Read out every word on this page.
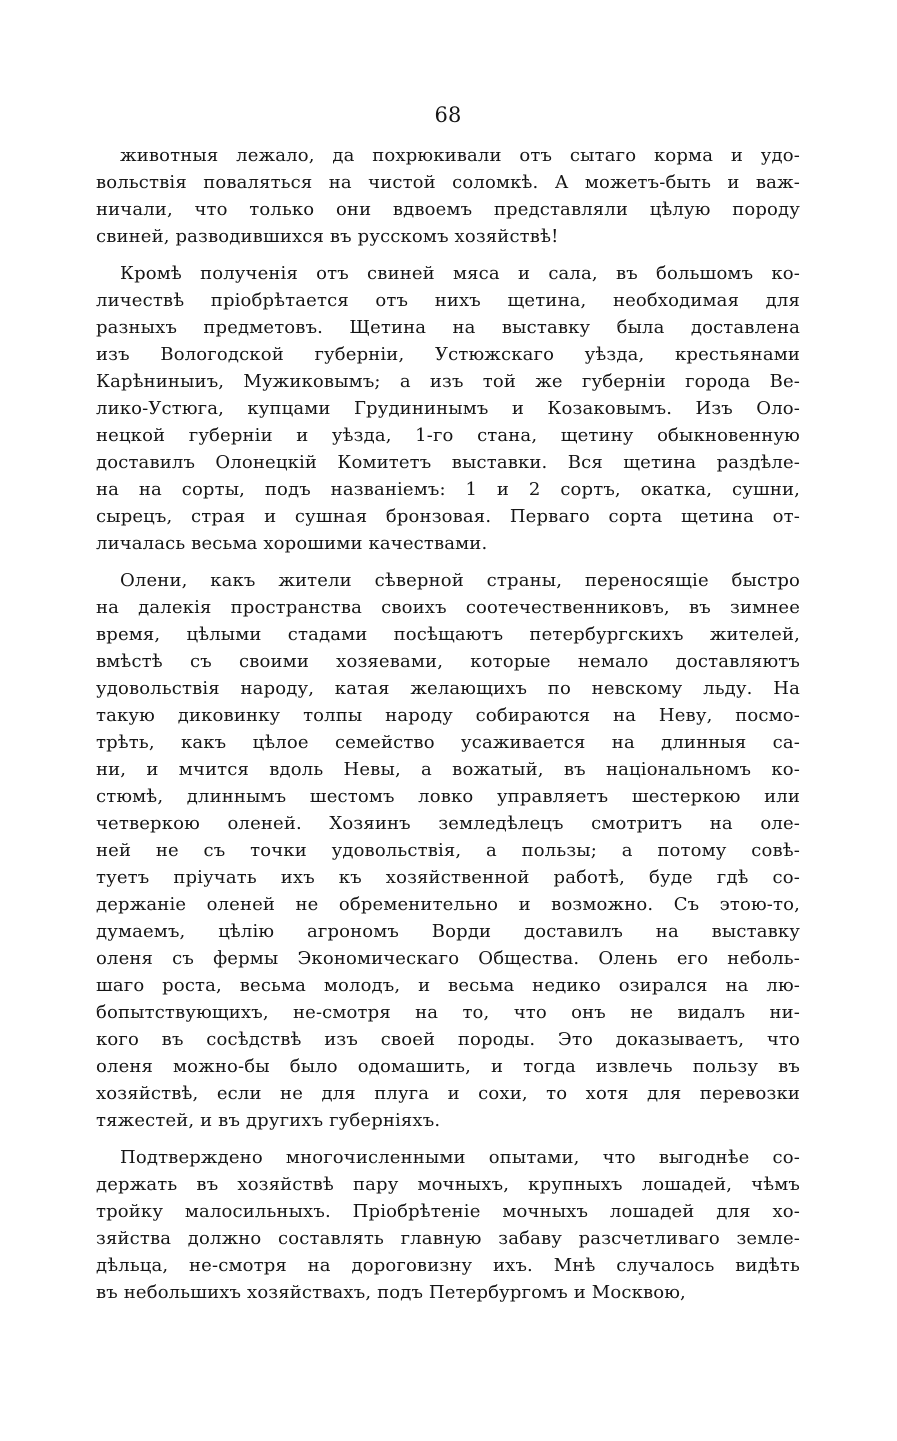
68
животныя лежало, да похрюкивали отъ сытаго корма и удо-
вольствія поваляться на чистой соломкѣ. А можетъ-быть и важ-
ничали, что только они вдвоемъ представляли цѣлую породу
свиней, разводившихся въ русскомъ хозяйствѣ!
Кромѣ полученія отъ свиней мяса и сала, въ большомъ ко-
личествѣ пріобрѣтается отъ нихъ щетина, необходимая для
разныхъ предметовъ. Щетина на выставку была доставлена
изъ Вологодской губерніи, Устюжскаго уѣзда, крестьянами
Карѣниныиъ, Мужиковымъ; а изъ той же губерніи города Ве-
лико-Устюга, купцами Грудининымъ и Козаковымъ. Изъ Оло-
нецкой губерніи и уѣзда, 1-го стана, щетину обыкновенную
доставилъ Олонецкій Комитетъ выставки. Вся щетина раздѣле-
на на сорты, подъ названіемъ: 1 и 2 сортъ, окатка, сушни,
сырецъ, страя и сушная бронзовая. Перваго сорта щетина от-
личалась весьма хорошими качествами.
Олени, какъ жители сѣверной страны, переносящіе быстро
на далекія пространства своихъ соотечественниковъ, въ зимнее
время, цѣлыми стадами посѣщаютъ петербургскихъ жителей,
вмѣстѣ съ своими хозяевами, которые немало доставляютъ
удовольствія народу, катая желающихъ по невскому льду. На
такую диковинку толпы народу собираются на Неву, посмо-
трѣть, какъ цѣлое семейство усаживается на длинныя са-
ни, и мчится вдоль Невы, а вожатый, въ національномъ ко-
стюмѣ, длиннымъ шестомъ ловко управляетъ шестеркою или
четверкою оленей. Хозяинъ земледѣлецъ смотритъ на оле-
ней не съ точки удовольствія, а пользы; а потому совѣ-
туетъ пріучать ихъ къ хозяйственной работѣ, буде гдѣ со-
держаніе оленей не обременительно и возможно. Съ этою-то,
думаемъ, цѣлію агрономъ Ворди доставилъ на выставку
оленя съ фермы Экономическаго Общества. Олень его неболь-
шаго роста, весьма молодъ, и весьма недико озирался на лю-
бопытствующихъ, не-смотря на то, что онъ не видалъ ни-
кого въ сосѣдствѣ изъ своей породы. Это доказываетъ, что
оленя можно-бы было одомашить, и тогда извлечь пользу въ
хозяйствѣ, если не для плуга и сохи, то хотя для перевозки
тяжестей, и въ другихъ губерніяхъ.
Подтверждено многочисленными опытами, что выгоднѣе со-
держать въ хозяйствѣ пару мочныхъ, крупныхъ лошадей, чѣмъ
тройку малосильныхъ. Пріобрѣтеніе мочныхъ лошадей для хо-
зяйства должно составлять главную забаву разсчетливаго земле-
дѣльца, не-смотря на дороговизну ихъ. Мнѣ случалось видѣть
въ небольшихъ хозяйствахъ, подъ Петербургомъ и Москвою,
